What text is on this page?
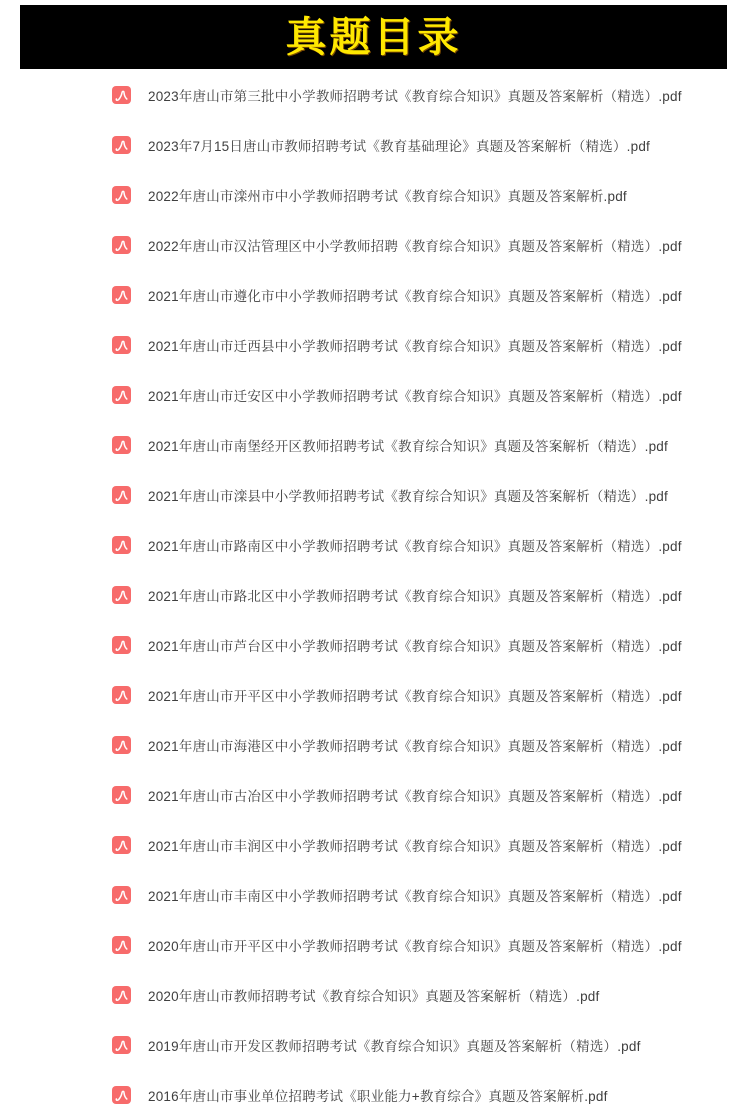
真题目录
2023年唐山市第三批中小学教师招聘考试《教育综合知识》真题及答案解析（精选）.pdf
2023年7月15日唐山市教师招聘考试《教育基础理论》真题及答案解析（精选）.pdf
2022年唐山市滦州市中小学教师招聘考试《教育综合知识》真题及答案解析.pdf
2022年唐山市汉沽管理区中小学教师招聘《教育综合知识》真题及答案解析（精选）.pdf
2021年唐山市遵化市中小学教师招聘考试《教育综合知识》真题及答案解析（精选）.pdf
2021年唐山市迁西县中小学教师招聘考试《教育综合知识》真题及答案解析（精选）.pdf
2021年唐山市迁安区中小学教师招聘考试《教育综合知识》真题及答案解析（精选）.pdf
2021年唐山市南堡经开区教师招聘考试《教育综合知识》真题及答案解析（精选）.pdf
2021年唐山市滦县中小学教师招聘考试《教育综合知识》真题及答案解析（精选）.pdf
2021年唐山市路南区中小学教师招聘考试《教育综合知识》真题及答案解析（精选）.pdf
2021年唐山市路北区中小学教师招聘考试《教育综合知识》真题及答案解析（精选）.pdf
2021年唐山市芦台区中小学教师招聘考试《教育综合知识》真题及答案解析（精选）.pdf
2021年唐山市开平区中小学教师招聘考试《教育综合知识》真题及答案解析（精选）.pdf
2021年唐山市海港区中小学教师招聘考试《教育综合知识》真题及答案解析（精选）.pdf
2021年唐山市古冶区中小学教师招聘考试《教育综合知识》真题及答案解析（精选）.pdf
2021年唐山市丰润区中小学教师招聘考试《教育综合知识》真题及答案解析（精选）.pdf
2021年唐山市丰南区中小学教师招聘考试《教育综合知识》真题及答案解析（精选）.pdf
2020年唐山市开平区中小学教师招聘考试《教育综合知识》真题及答案解析（精选）.pdf
2020年唐山市教师招聘考试《教育综合知识》真题及答案解析（精选）.pdf
2019年唐山市开发区教师招聘考试《教育综合知识》真题及答案解析（精选）.pdf
2016年唐山市事业单位招聘考试《职业能力+教育综合》真题及答案解析.pdf
